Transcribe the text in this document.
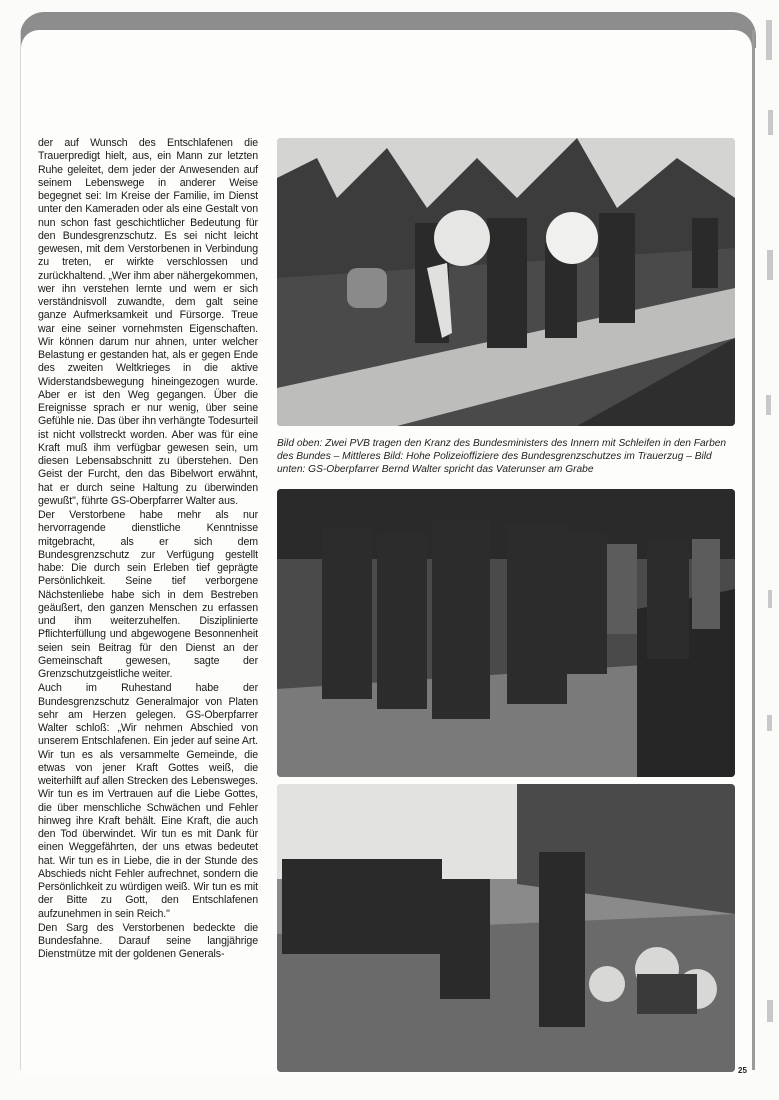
der auf Wunsch des Entschlafenen die Trauerpredigt hielt, aus, ein Mann zur letzten Ruhe geleitet, dem jeder der Anwesenden auf seinem Lebenswege in anderer Weise begegnet sei: Im Kreise der Familie, im Dienst unter den Kameraden oder als eine Gestalt von nun schon fast geschichtlicher Bedeutung für den Bundesgrenzschutz. Es sei nicht leicht gewesen, mit dem Verstorbenen in Verbindung zu treten, er wirkte verschlossen und zurückhaltend. „Wer ihm aber nähergekommen, wer ihn verstehen lernte und wem er sich verständnisvoll zuwandte, dem galt seine ganze Aufmerksamkeit und Fürsorge. Treue war eine seiner vornehmsten Eigenschaften. Wir können darum nur ahnen, unter welcher Belastung er gestanden hat, als er gegen Ende des zweiten Weltkrieges in die aktive Widerstandsbewegung hineingezogen wurde. Aber er ist den Weg gegangen. Über die Ereignisse sprach er nur wenig, über seine Gefühle nie. Das über ihn verhängte Todesurteil ist nicht vollstreckt worden. Aber was für eine Kraft muß ihm verfügbar gewesen sein, um diesen Lebensabschnitt zu überstehen. Den Geist der Furcht, den das Bibelwort erwähnt, hat er durch seine Haltung zu überwinden gewußt", führte GS-Oberpfarrer Walter aus.

Der Verstorbene habe mehr als nur hervorragende dienstliche Kenntnisse mitgebracht, als er sich dem Bundesgrenzschutz zur Verfügung gestellt habe: Die durch sein Erleben tief geprägte Persönlichkeit. Seine tief verborgene Nächstenliebe habe sich in dem Bestreben geäußert, den ganzen Menschen zu erfassen und ihm weiterzuhelfen. Disziplinierte Pflichterfüllung und abgewogene Besonnenheit seien sein Beitrag für den Dienst an der Gemeinschaft gewesen, sagte der Grenzschutzgeistliche weiter.

Auch im Ruhestand habe der Bundesgrenzschutz Generalmajor von Platen sehr am Herzen gelegen. GS-Oberpfarrer Walter schloß: „Wir nehmen Abschied von unserem Entschlafenen. Ein jeder auf seine Art. Wir tun es als versammelte Gemeinde, die etwas von jener Kraft Gottes weiß, die weiterhilft auf allen Strecken des Lebensweges. Wir tun es im Vertrauen auf die Liebe Gottes, die über menschliche Schwächen und Fehler hinweg ihre Kraft behält. Eine Kraft, die auch den Tod überwindet. Wir tun es mit Dank für einen Weggefährten, der uns etwas bedeutet hat. Wir tun es in Liebe, die in der Stunde des Abschieds nicht Fehler aufrechnet, sondern die Persönlichkeit zu würdigen weiß. Wir tun es mit der Bitte zu Gott, den Entschlafenen aufzunehmen in sein Reich."

Den Sarg des Verstorbenen bedeckte die Bundesfahne. Darauf seine langjährige Dienstmütze mit der goldenen Generals-

Bild oben: Zwei PVB tragen den Kranz des Bundesministers des Innern mit Schleifen in den Farben des Bundes – Mittleres Bild: Hohe Polizeioffiziere des Bundesgrenzschutzes im Trauerzug – Bild unten: GS-Oberpfarrer Bernd Walter spricht das Vaterunser am Grabe
25
